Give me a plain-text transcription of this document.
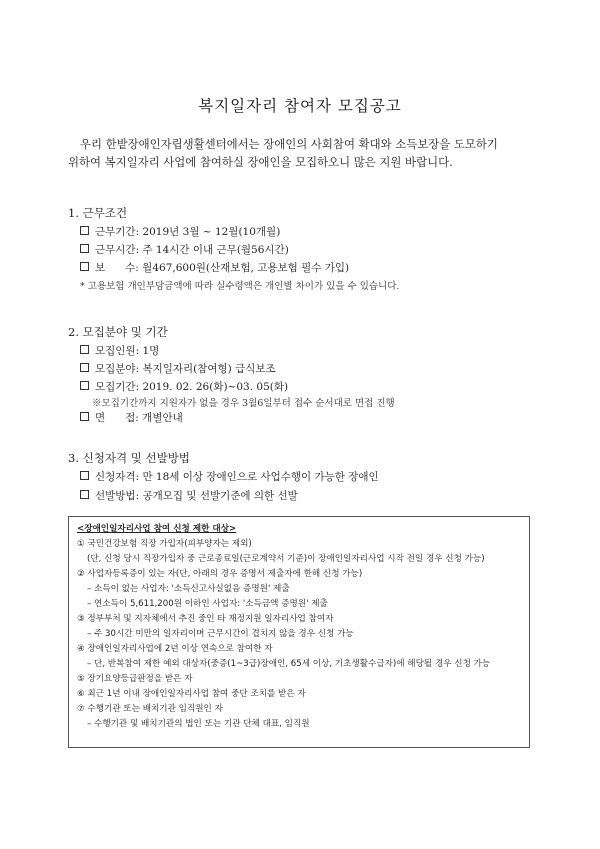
복지일자리 참여자 모집공고

우리 한밭장애인자립생활센터에서는 장애인의 사회참여 확대와 소득보장을 도모하기

위하여 복지일자리 사업에 참여하실 장애인을 모집하오니 많은 지원 바랍니다.

1. 근무조건
근무기간: 2019년 3월 ~ 12월(10개월)
근무시간: 주 14시간 이내 근무(월56시간)
보      수: 월467,600원(산재보험, 고용보험 필수 가입)
* 고용보험 개인부담금액에 따라 실수령액은 개인별 차이가 있을 수 있습니다.
2. 모집분야 및 기간
모집인원: 1명
모집분야: 복지일자리(참여형) 급식보조
모집기간: 2019. 02. 26(화)~03. 05(화)
※모집기간까지 지원자가 없을 경우 3월6일부터 접수 순서대로 면접 진행
면      접: 개별안내
3. 신청자격 및 선발방법
신청자격: 만 18세 이상 장애인으로 사업수행이 가능한 장애인
선발방법: 공개모집 및 선발기준에 의한 선발
<장애인일자리사업 참여 신청 제한 대상>
① 국민건강보험 직장 가입자(피부양자는 제외)
(단, 신청 당시 직장가입자 중 근로종료일(근로계약서 기준)이 장애인일자리사업 시작 전일 경우 신청 가능)
② 사업자등록증이 있는 자(단, 아래의 경우 증명서 제출자에 한해 신청 가능)
– 소득이 없는 사업자: '소득신고사실없음 증명원' 제출
– 연소득이 5,611,200원 이하인 사업자: '소득금액 증명원' 제출
③ 정부부처 및 지자체에서 추진 중인 타 재정지원 일자리사업 참여자
– 주 30시간 미만의 일자리이며 근무시간이 겹치지 않을 경우 신청 가능
④ 장애인일자리사업에 2년 이상 연속으로 참여한 자
– 단, 반복참여 제한 예외 대상자(중증(1~3급)장애인, 65세 이상, 기초생활수급자)에 해당될 경우 신청 가능
⑤ 장기요양등급판정을 받은 자
⑥ 최근 1년 이내 장애인일자리사업 참여 중단 조치를 받은 자
⑦ 수행기관 또는 배치기관 임직원인 자
– 수행기관 및 배치기관의 법인 또는 기관 단체 대표, 임직원
